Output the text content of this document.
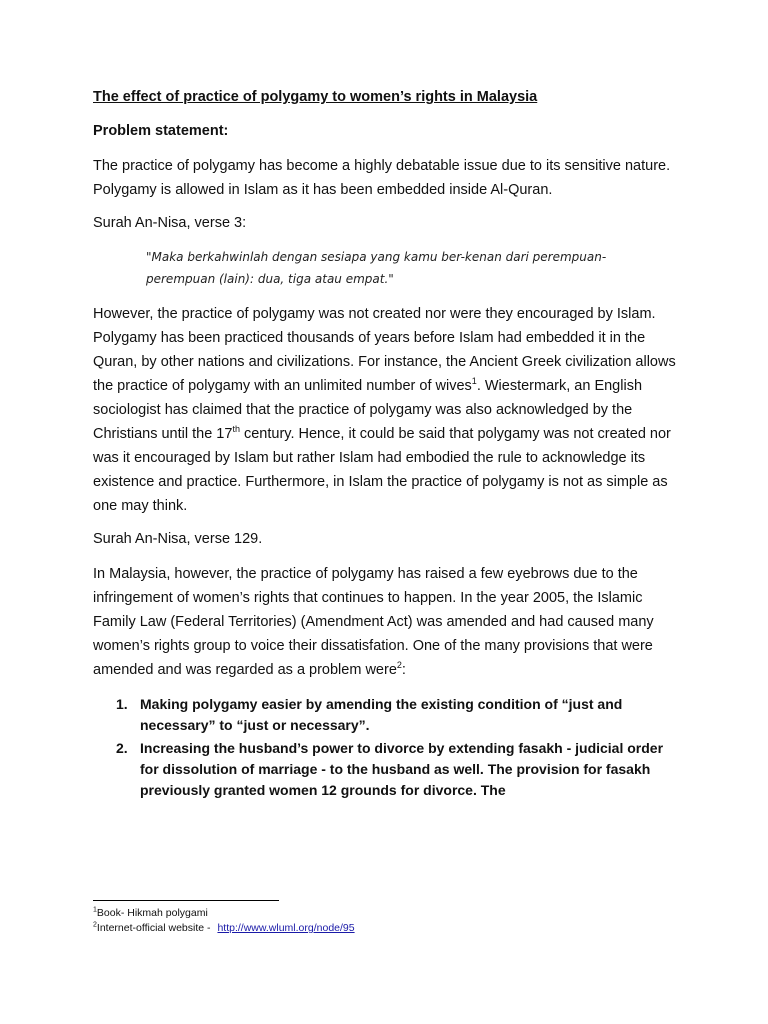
The effect of practice of polygamy to women’s rights in Malaysia

Problem statement:

The practice of polygamy has become a highly debatable issue due to its sensitive nature. Polygamy is allowed in Islam as it has been embedded inside Al-Quran.

Surah An-Nisa, verse 3:

"Maka berkahwinlah dengan sesiapa yang kamu ber-kenan dari perempuan-perempuan (lain): dua, tiga atau empat."

However, the practice of polygamy was not created nor were they encouraged by Islam. Polygamy has been practiced thousands of years before Islam had embedded it in the Quran, by other nations and civilizations. For instance, the Ancient Greek civilization allows the practice of polygamy with an unlimited number of wives$^1$. Wiestermark, an English sociologist has claimed that the practice of polygamy was also acknowledged by the Christians until the 17th century. Hence, it could be said that polygamy was not created nor was it encouraged by Islam but rather Islam had embodied the rule to acknowledge its existence and practice. Furthermore, in Islam the practice of polygamy is not as simple as one may think.

Surah An-Nisa, verse 129.

In Malaysia, however, the practice of polygamy has raised a few eyebrows due to the infringement of women’s rights that continues to happen. In the year 2005, the Islamic Family Law (Federal Territories) (Amendment Act) was amended and had caused many women’s rights group to voice their dissatisfation. One of the many provisions that were amended and was regarded as a problem were$^2$:

1. Making polygamy easier by amending the existing condition of “just and necessary” to “just or necessary”.
2. Increasing the husband’s power to divorce by extending fasakh - judicial order for dissolution of marriage - to the husband as well. The provision for fasakh previously granted women 12 grounds for divorce. The
$^1$Book- Hikmah polygami
$^2$Internet-official website - http://www.wluml.org/node/95
